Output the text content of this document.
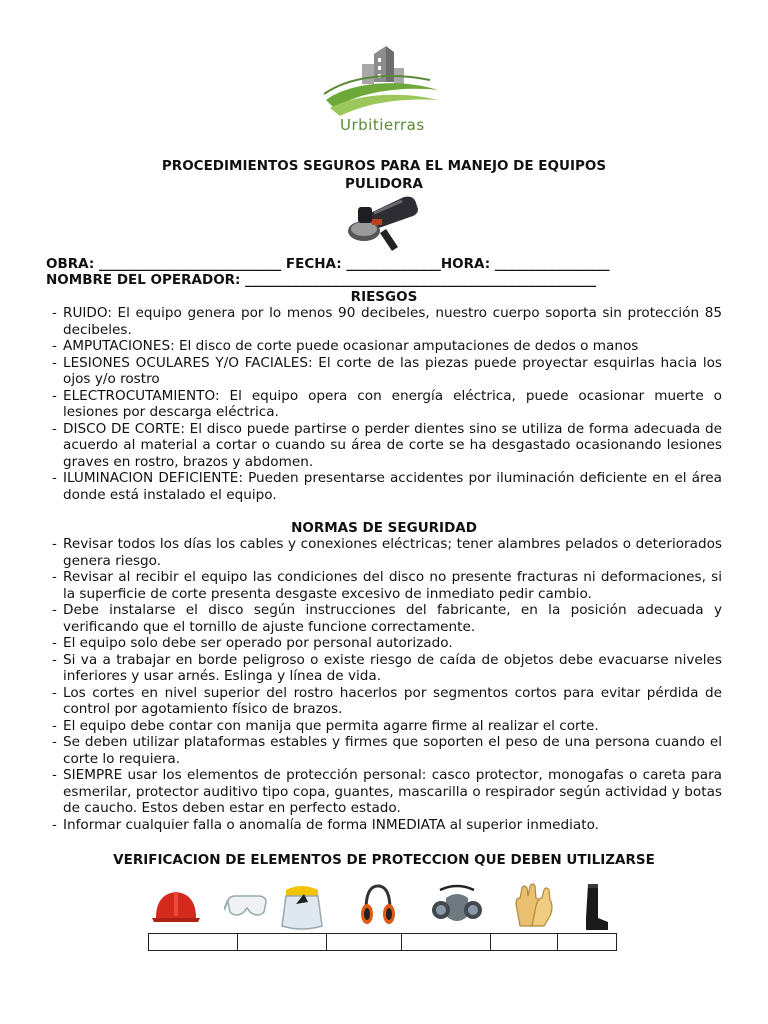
Urbitierras
PROCEDIMIENTOS SEGUROS PARA EL MANEJO DE EQUIPOS
PULIDORA
OBRA: ___________________________ FECHA: ______________HORA: _________________
NOMBRE DEL OPERADOR: ____________________________________________________
RIESGOS
- RUIDO: El equipo genera por lo menos 90 decibeles, nuestro cuerpo soporta sin protección 85 decibeles.
- AMPUTACIONES: El disco de corte puede ocasionar amputaciones de dedos o manos
- LESIONES OCULARES Y/O FACIALES: El corte de las piezas puede proyectar esquirlas hacia los ojos y/o rostro
- ELECTROCUTAMIENTO: El equipo opera con energía eléctrica, puede ocasionar muerte o lesiones por descarga eléctrica.
- DISCO DE CORTE: El disco puede partirse o perder dientes sino se utiliza de forma adecuada de acuerdo al material a cortar o cuando su área de corte se ha desgastado ocasionando lesiones graves en rostro, brazos y abdomen.
- ILUMINACION DEFICIENTE: Pueden presentarse accidentes por iluminación deficiente en el área donde está instalado el equipo.
NORMAS DE SEGURIDAD
- Revisar todos los días los cables y conexiones eléctricas; tener alambres pelados o deteriorados genera riesgo.
- Revisar al recibir el equipo las condiciones del disco no presente fracturas ni deformaciones, si la superficie de corte presenta desgaste excesivo de inmediato pedir cambio.
- Debe instalarse el disco según instrucciones del fabricante, en la posición adecuada y verificando que el tornillo de ajuste funcione correctamente.
- El equipo solo debe ser operado por personal autorizado.
- Si va a trabajar en borde peligroso o existe riesgo de caída de objetos debe evacuarse niveles inferiores y usar arnés. Eslinga y línea de vida.
- Los cortes en nivel superior del rostro hacerlos por segmentos cortos para evitar pérdida de control por agotamiento físico de brazos.
- El equipo debe contar con manija que permita agarre firme al realizar el corte.
- Se deben utilizar plataformas estables y firmes que soporten el peso de una persona cuando el corte lo requiera.
- SIEMPRE usar los elementos de protección personal: casco protector, monogafas o careta para esmerilar, protector auditivo tipo copa, guantes, mascarilla o respirador según actividad y botas de caucho. Estos deben estar en perfecto estado.
- Informar cualquier falla o anomalía de forma INMEDIATA al superior inmediato.
VERIFICACION DE ELEMENTOS DE PROTECCION QUE DEBEN UTILIZARSE
